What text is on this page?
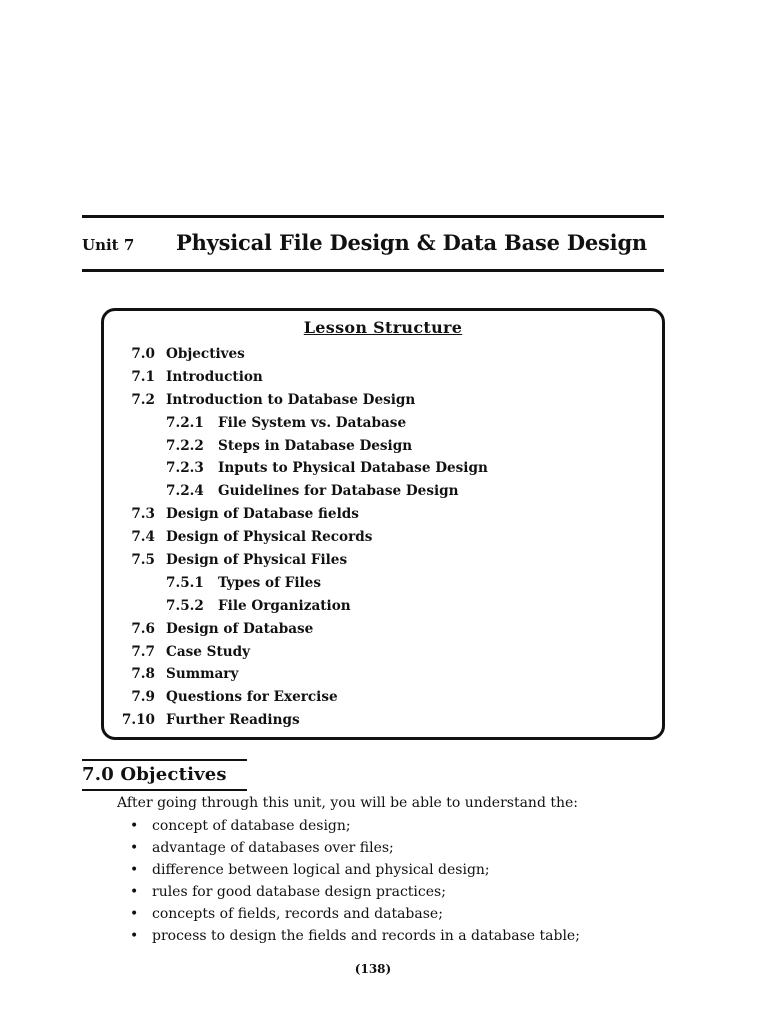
Unit 7 Physical File Design & Data Base Design
Lesson Structure
7.0 Objectives
7.1 Introduction
7.2 Introduction to Database Design
7.2.1 File System vs. Database
7.2.2 Steps in Database Design
7.2.3 Inputs to Physical Database Design
7.2.4 Guidelines for Database Design
7.3 Design of Database fields
7.4 Design of Physical Records
7.5 Design of Physical Files
7.5.1 Types of Files
7.5.2 File Organization
7.6 Design of Database
7.7 Case Study
7.8 Summary
7.9 Questions for Exercise
7.10 Further Readings
7.0 Objectives
After going through this unit, you will be able to understand the:
• concept of database design;
• advantage of databases over files;
• difference between logical and physical design;
• rules for good database design practices;
• concepts of fields, records and database;
• process to design the fields and records in a database table;
(138)
